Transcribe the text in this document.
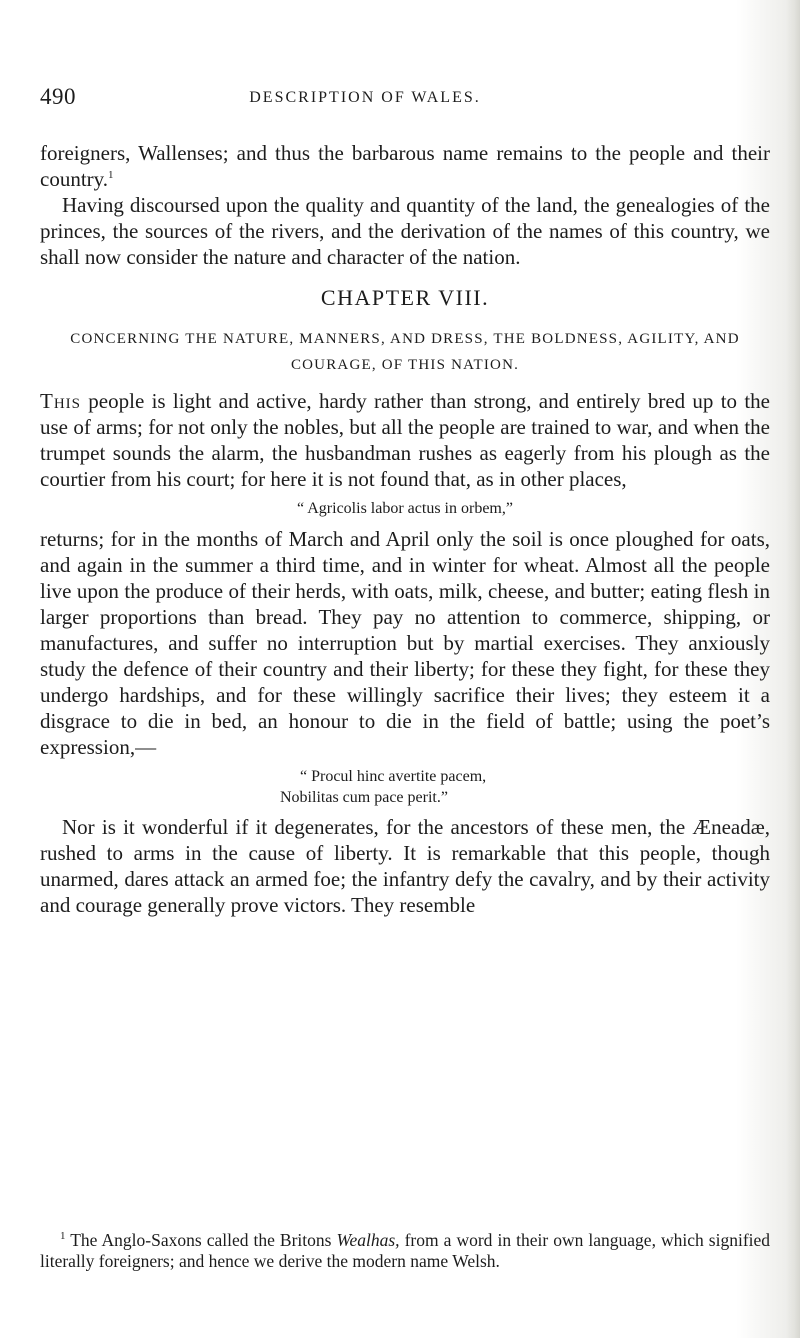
490	DESCRIPTION OF WALES.

foreigners, Wallenses; and thus the barbarous name remains to the people and their country.$^1$

Having discoursed upon the quality and quantity of the land, the genealogies of the princes, the sources of the rivers, and the derivation of the names of this country, we shall now consider the nature and character of the nation.

CHAPTER VIII.
CONCERNING THE NATURE, MANNERS, AND DRESS, THE BOLDNESS, AGILITY, AND COURAGE, OF THIS NATION.

This people is light and active, hardy rather than strong, and entirely bred up to the use of arms; for not only the nobles, but all the people are trained to war, and when the trumpet sounds the alarm, the husbandman rushes as eagerly from his plough as the courtier from his court; for here it is not found that, as in other places,

“ Agricolis labor actus in orbem,”

returns; for in the months of March and April only the soil is once ploughed for oats, and again in the summer a third time, and in winter for wheat. Almost all the people live upon the produce of their herds, with oats, milk, cheese, and butter; eating flesh in larger proportions than bread. They pay no attention to commerce, shipping, or manufactures, and suffer no interruption but by martial exercises. They anxiously study the defence of their country and their liberty; for these they fight, for these they undergo hardships, and for these willingly sacrifice their lives; they esteem it a disgrace to die in bed, an honour to die in the field of battle; using the poet’s expression,—

“ Procul hinc avertite pacem,
Nobilitas cum pace perit.”

Nor is it wonderful if it degenerates, for the ancestors of these men, the Æneadæ, rushed to arms in the cause of liberty. It is remarkable that this people, though unarmed, dares attack an armed foe; the infantry defy the cavalry, and by their activity and courage generally prove victors. They resemble

$^1$ The Anglo-Saxons called the Britons Wealhas, from a word in their own language, which signified literally foreigners; and hence we derive the modern name Welsh.
